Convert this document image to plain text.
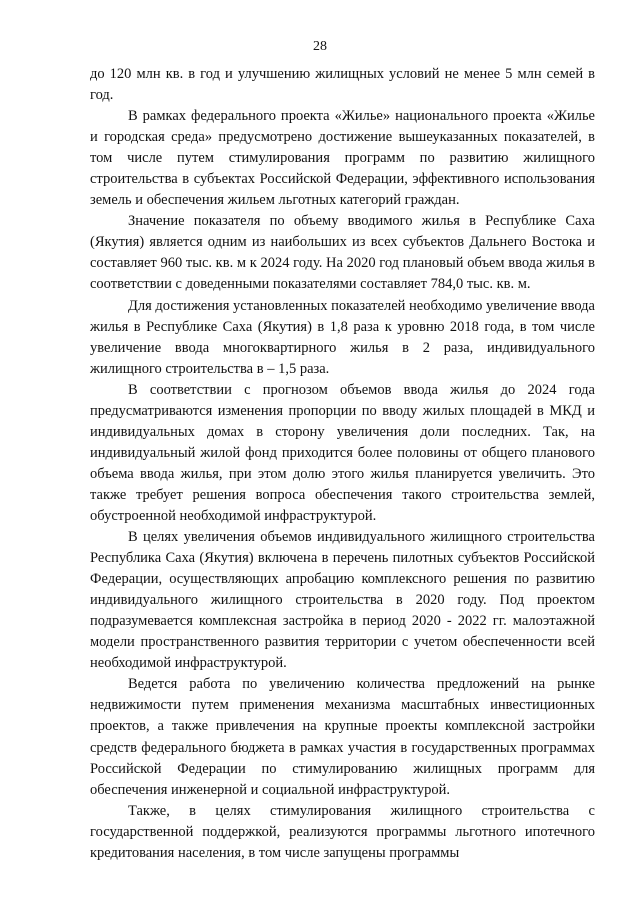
28

до 120 млн кв. в год и улучшению жилищных условий не менее 5 млн семей в год.

В рамках федерального проекта «Жилье» национального проекта «Жилье и городская среда» предусмотрено достижение вышеуказанных показателей, в том числе путем стимулирования программ по развитию жилищного строительства в субъектах Российской Федерации, эффективного использования земель и обеспечения жильем льготных категорий граждан.

Значение показателя по объему вводимого жилья в Республике Саха (Якутия) является одним из наибольших из всех субъектов Дальнего Востока и составляет 960 тыс. кв. м к 2024 году. На 2020 год плановый объем ввода жилья в соответствии с доведенными показателями составляет 784,0 тыс. кв. м.

Для достижения установленных показателей необходимо увеличение ввода жилья в Республике Саха (Якутия) в 1,8 раза к уровню 2018 года, в том числе увеличение ввода многоквартирного жилья в 2 раза, индивидуального жилищного строительства в – 1,5 раза.

В соответствии с прогнозом объемов ввода жилья до 2024 года предусматриваются изменения пропорции по вводу жилых площадей в МКД и индивидуальных домах в сторону увеличения доли последних. Так, на индивидуальный жилой фонд приходится более половины от общего планового объема ввода жилья, при этом долю этого жилья планируется увеличить. Это также требует решения вопроса обеспечения такого строительства землей, обустроенной необходимой инфраструктурой.

В целях увеличения объемов индивидуального жилищного строительства Республика Саха (Якутия) включена в перечень пилотных субъектов Российской Федерации, осуществляющих апробацию комплексного решения по развитию индивидуального жилищного строительства в 2020 году. Под проектом подразумевается комплексная застройка в период 2020 - 2022 гг. малоэтажной модели пространственного развития территории с учетом обеспеченности всей необходимой инфраструктурой.

Ведется работа по увеличению количества предложений на рынке недвижимости путем применения механизма масштабных инвестиционных проектов, а также привлечения на крупные проекты комплексной застройки средств федерального бюджета в рамках участия в государственных программах Российской Федерации по стимулированию жилищных программ для обеспечения инженерной и социальной инфраструктурой.

Также, в целях стимулирования жилищного строительства с государственной поддержкой, реализуются программы льготного ипотечного кредитования населения, в том числе запущены программы
